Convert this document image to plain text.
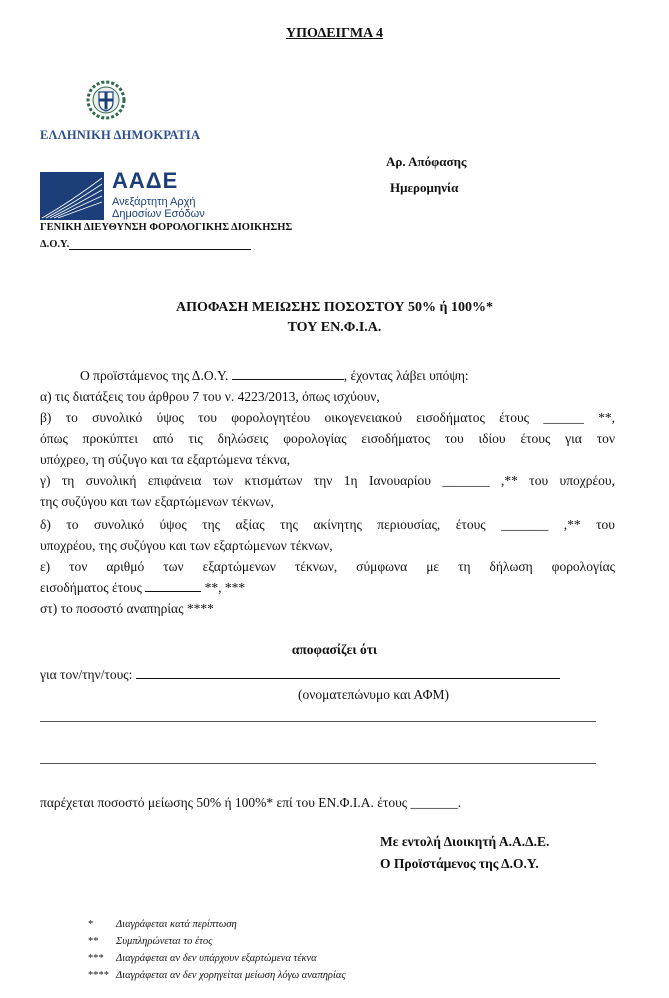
ΥΠΟΔΕΙΓΜΑ 4
ΕΛΛΗΝΙΚΗ ΔΗΜΟΚΡΑΤΙΑ
Αρ. Απόφασης
Ημερομηνία
ΑΑΔΕ
Ανεξάρτητη Αρχή
Δημοσίων Εσόδων
ΓΕΝΙΚΗ ΔΙΕΥΘΥΝΣΗ ΦΟΡΟΛΟΓΙΚΗΣ ΔΙΟΙΚΗΣΗΣ
Δ.Ο.Υ.
ΑΠΟΦΑΣΗ ΜΕΙΩΣΗΣ ΠΟΣΟΣΤΟΥ 50% ή 100%*
ΤΟΥ ΕΝ.Φ.Ι.Α.
Ο προϊστάμενος της Δ.Ο.Υ.	, έχοντας λάβει υπόψη:
α) τις διατάξεις του άρθρου 7 του ν. 4223/2013, όπως ισχύουν,
β) το συνολικό ύψος του φορολογητέου οικογενειακού εισοδήματος έτους ______ **,
όπως προκύπτει από τις δηλώσεις φορολογίας εισοδήματος του ιδίου έτους για τον
υπόχρεο, τη σύζυγο και τα εξαρτώμενα τέκνα,
γ) τη συνολική επιφάνεια των κτισμάτων την 1η Ιανουαρίου _______ ,** του υποχρέου,
της συζύγου και των εξαρτώμενων τέκνων,
δ) το συνολικό ύψος της αξίας της ακίνητης περιουσίας, έτους _______ ,** του
υποχρέου, της συζύγου και των εξαρτώμενων τέκνων,
ε) τον αριθμό των εξαρτώμενων τέκνων, σύμφωνα με τη δήλωση φορολογίας
εισοδήματος έτους	**, ***
στ) το ποσοστό αναπηρίας ****
αποφασίζει ότι
για τον/την/τους:
(ονοματεπώνυμο και ΑΦΜ)
παρέχεται ποσοστό μείωσης 50% ή 100%* επί του ΕΝ.Φ.Ι.Α. έτους _______.
Με εντολή Διοικητή Α.Α.Δ.Ε.
Ο Προϊστάμενος της Δ.Ο.Υ.
* Διαγράφεται κατά περίπτωση
** Συμπληρώνεται το έτος
*** Διαγράφεται αν δεν υπάρχουν εξαρτώμενα τέκνα
**** Διαγράφεται αν δεν χορηγείται μείωση λόγω αναπηρίας
